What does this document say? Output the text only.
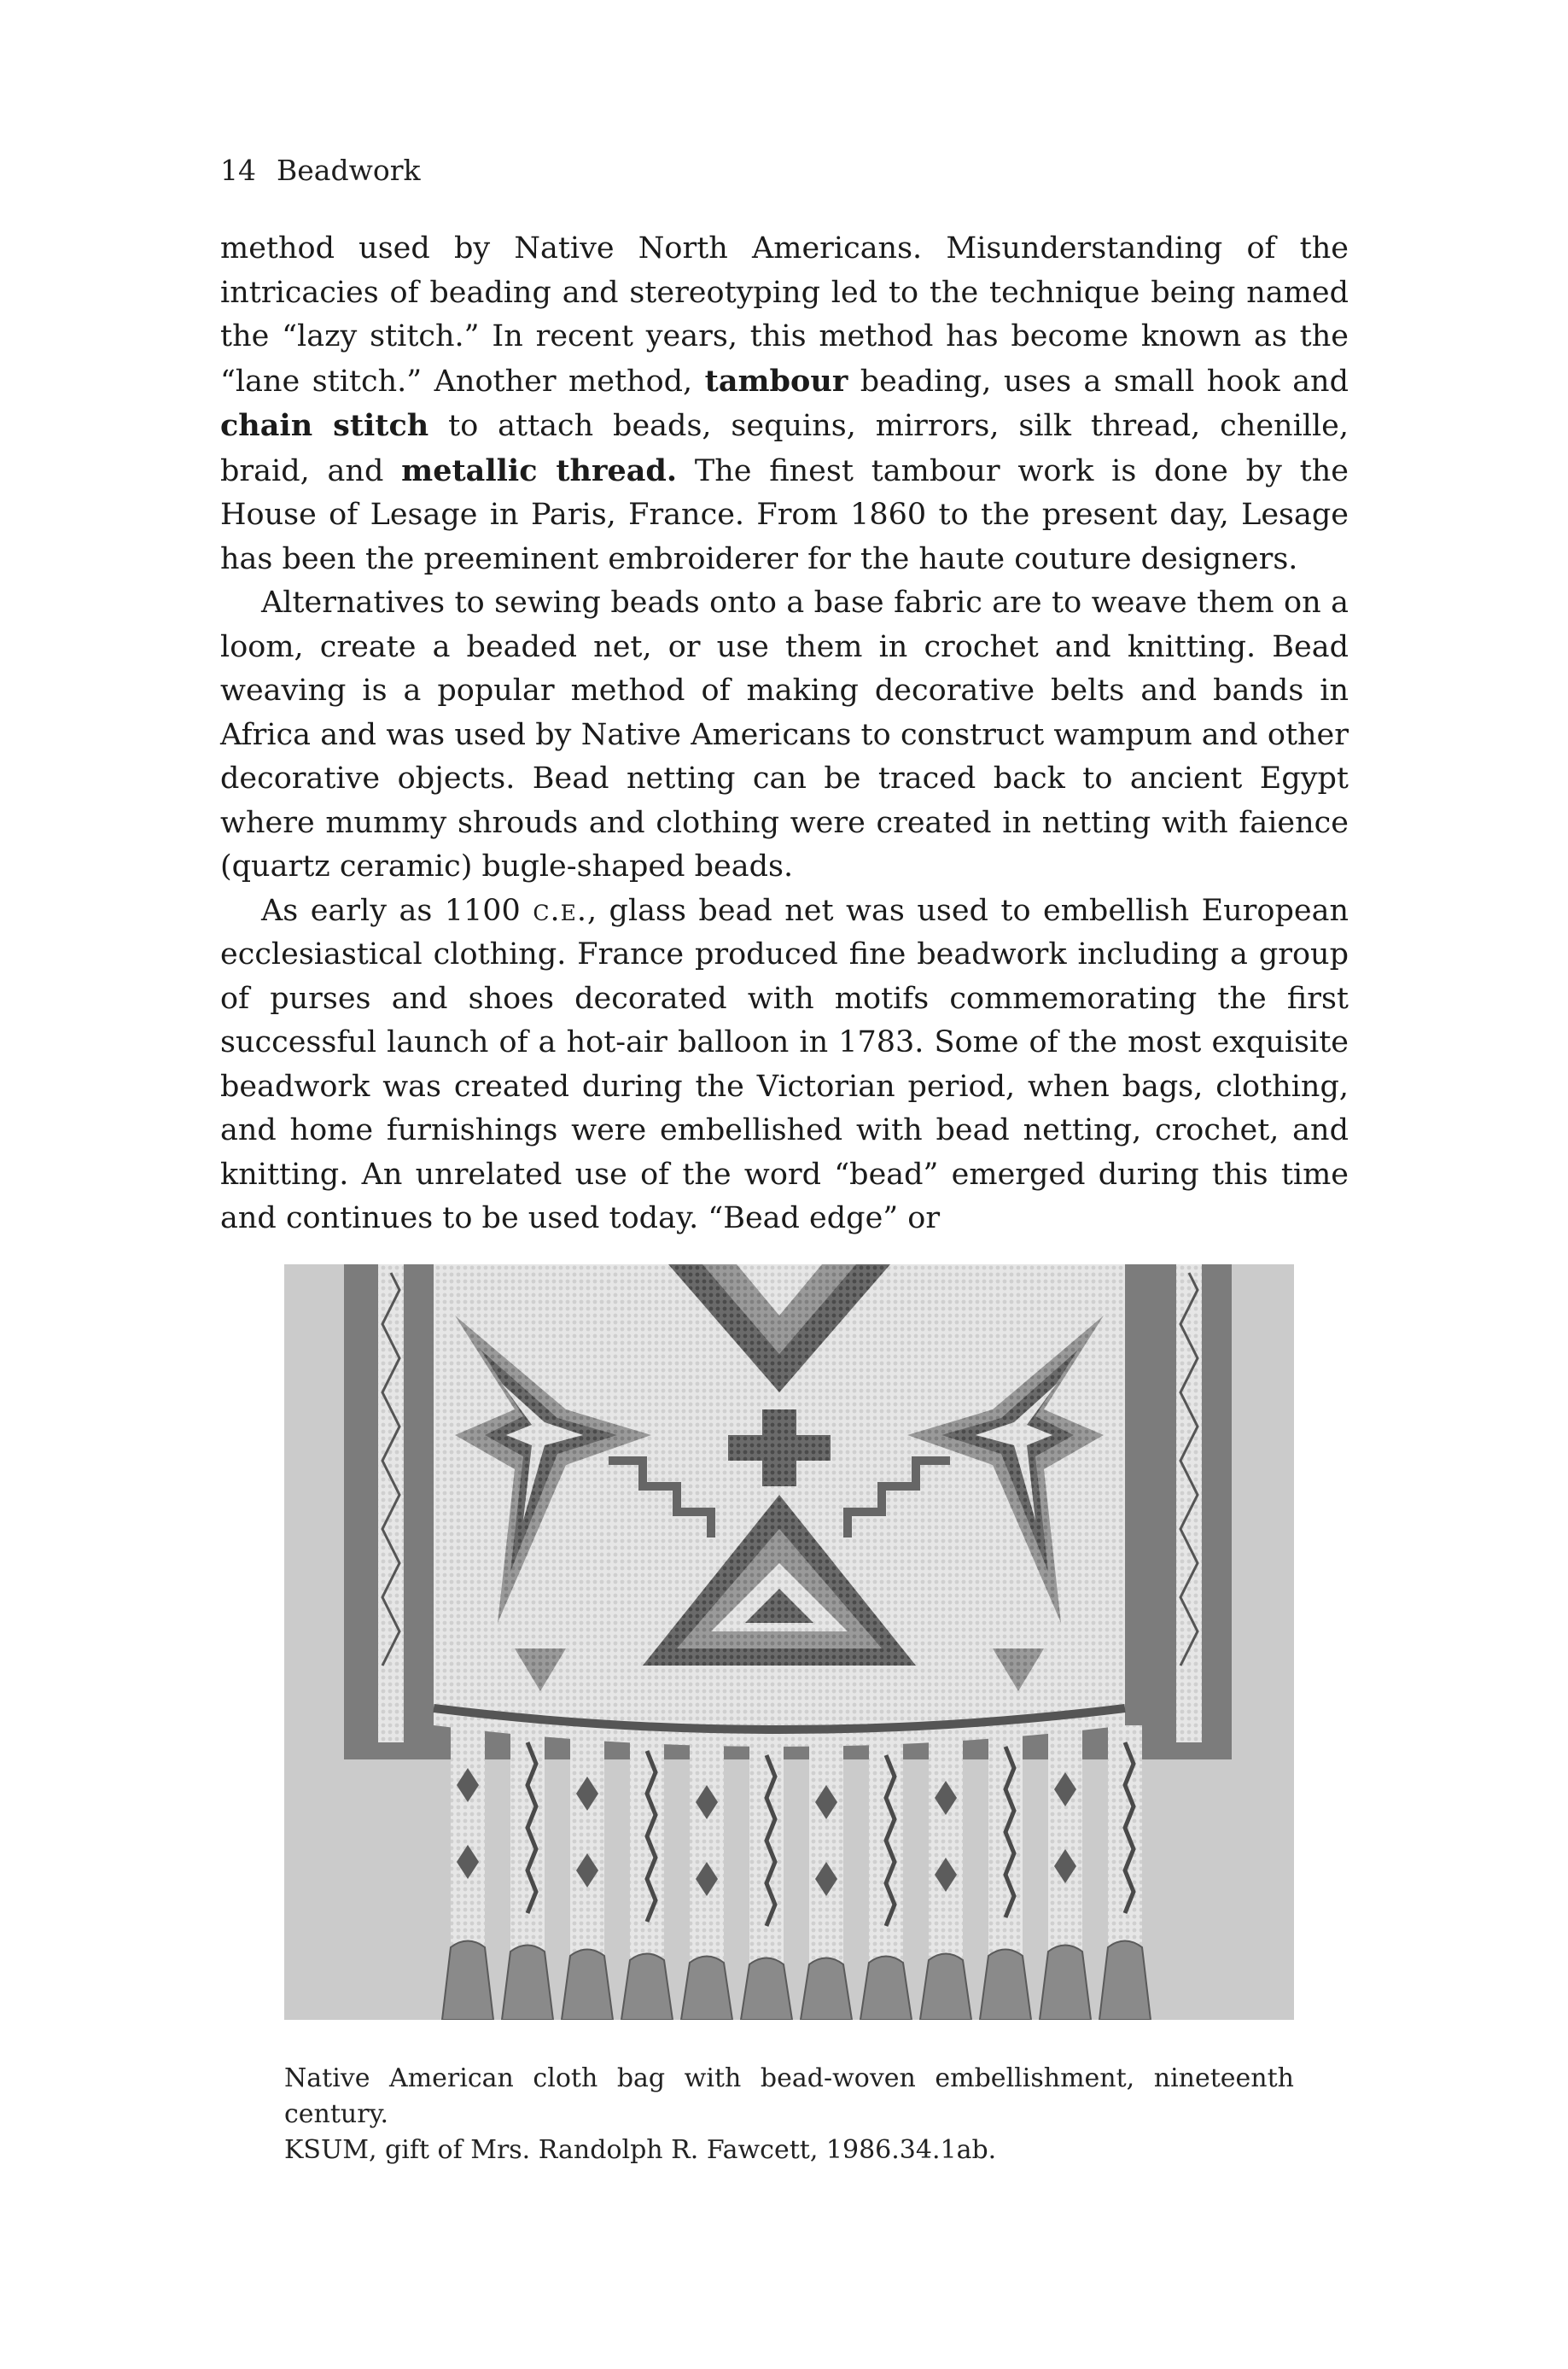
14 Beadwork

method used by Native North Americans. Misunderstanding of the intricacies of beading and stereotyping led to the technique being named the “lazy stitch.” In recent years, this method has become known as the “lane stitch.” Another method, tambour beading, uses a small hook and chain stitch to attach beads, sequins, mirrors, silk thread, chenille, braid, and metallic thread. The finest tambour work is done by the House of Lesage in Paris, France. From 1860 to the present day, Lesage has been the preeminent embroiderer for the haute couture designers.

Alternatives to sewing beads onto a base fabric are to weave them on a loom, create a beaded net, or use them in crochet and knitting. Bead weaving is a popular method of making decorative belts and bands in Africa and was used by Native Americans to construct wampum and other decorative objects. Bead netting can be traced back to ancient Egypt where mummy shrouds and clothing were created in netting with faience (quartz ceramic) bugle-shaped beads.

As early as 1100 c.e., glass bead net was used to embellish European ecclesiastical clothing. France produced fine beadwork including a group of purses and shoes decorated with motifs commemorating the first successful launch of a hot-air balloon in 1783. Some of the most exquisite beadwork was created during the Victorian period, when bags, clothing, and home furnishings were embellished with bead netting, crochet, and knitting. An unrelated use of the word “bead” emerged during this time and continues to be used today. “Bead edge” or

Native American cloth bag with bead-woven embellishment, nineteenth century.
KSUM, gift of Mrs. Randolph R. Fawcett, 1986.34.1ab.
